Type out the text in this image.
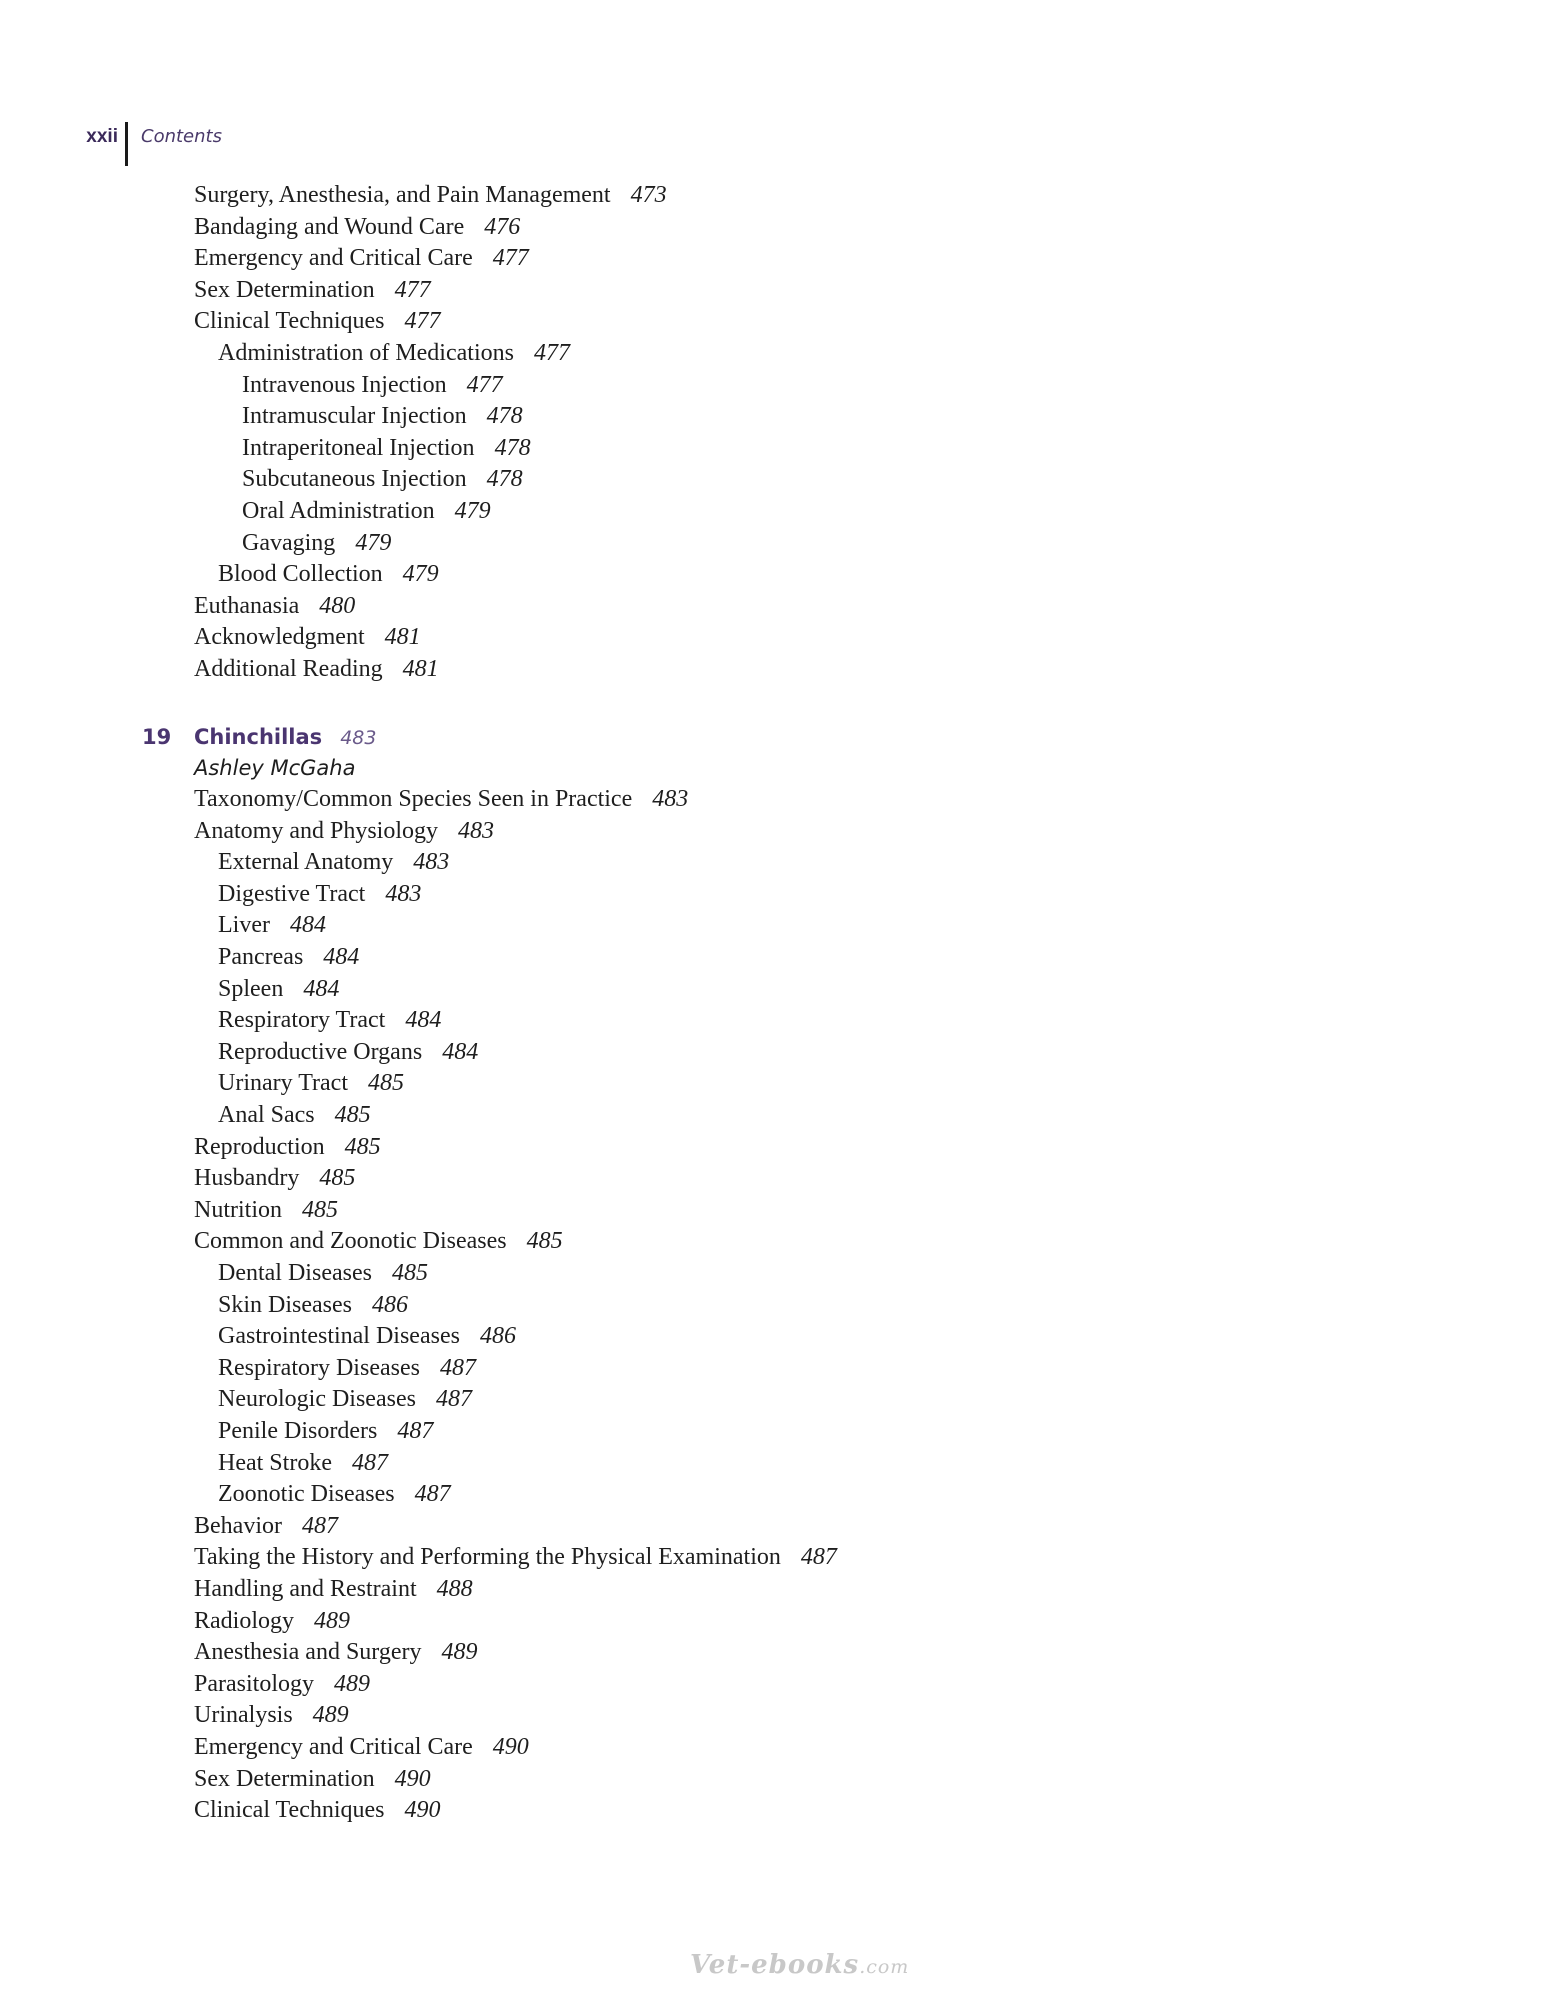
xxii Contents
19 Chinchillas 483
Ashley McGaha
Surgery, Anesthesia, and Pain Management 473
Bandaging and Wound Care 476
Emergency and Critical Care 477
Sex Determination 477
Clinical Techniques 477
Administration of Medications 477
Intravenous Injection 477
Intramuscular Injection 478
Intraperitoneal Injection 478
Subcutaneous Injection 478
Oral Administration 479
Gavaging 479
Blood Collection 479
Euthanasia 480
Acknowledgment 481
Additional Reading 481
Taxonomy/Common Species Seen in Practice 483
Anatomy and Physiology 483
External Anatomy 483
Digestive Tract 483
Liver 484
Pancreas 484
Spleen 484
Respiratory Tract 484
Reproductive Organs 484
Urinary Tract 485
Anal Sacs 485
Reproduction 485
Husbandry 485
Nutrition 485
Common and Zoonotic Diseases 485
Dental Diseases 485
Skin Diseases 486
Gastrointestinal Diseases 486
Respiratory Diseases 487
Neurologic Diseases 487
Penile Disorders 487
Heat Stroke 487
Zoonotic Diseases 487
Behavior 487
Taking the History and Performing the Physical Examination 487
Handling and Restraint 488
Radiology 489
Anesthesia and Surgery 489
Parasitology 489
Urinalysis 489
Emergency and Critical Care 490
Sex Determination 490
Clinical Techniques 490
Vet-ebooks.com
